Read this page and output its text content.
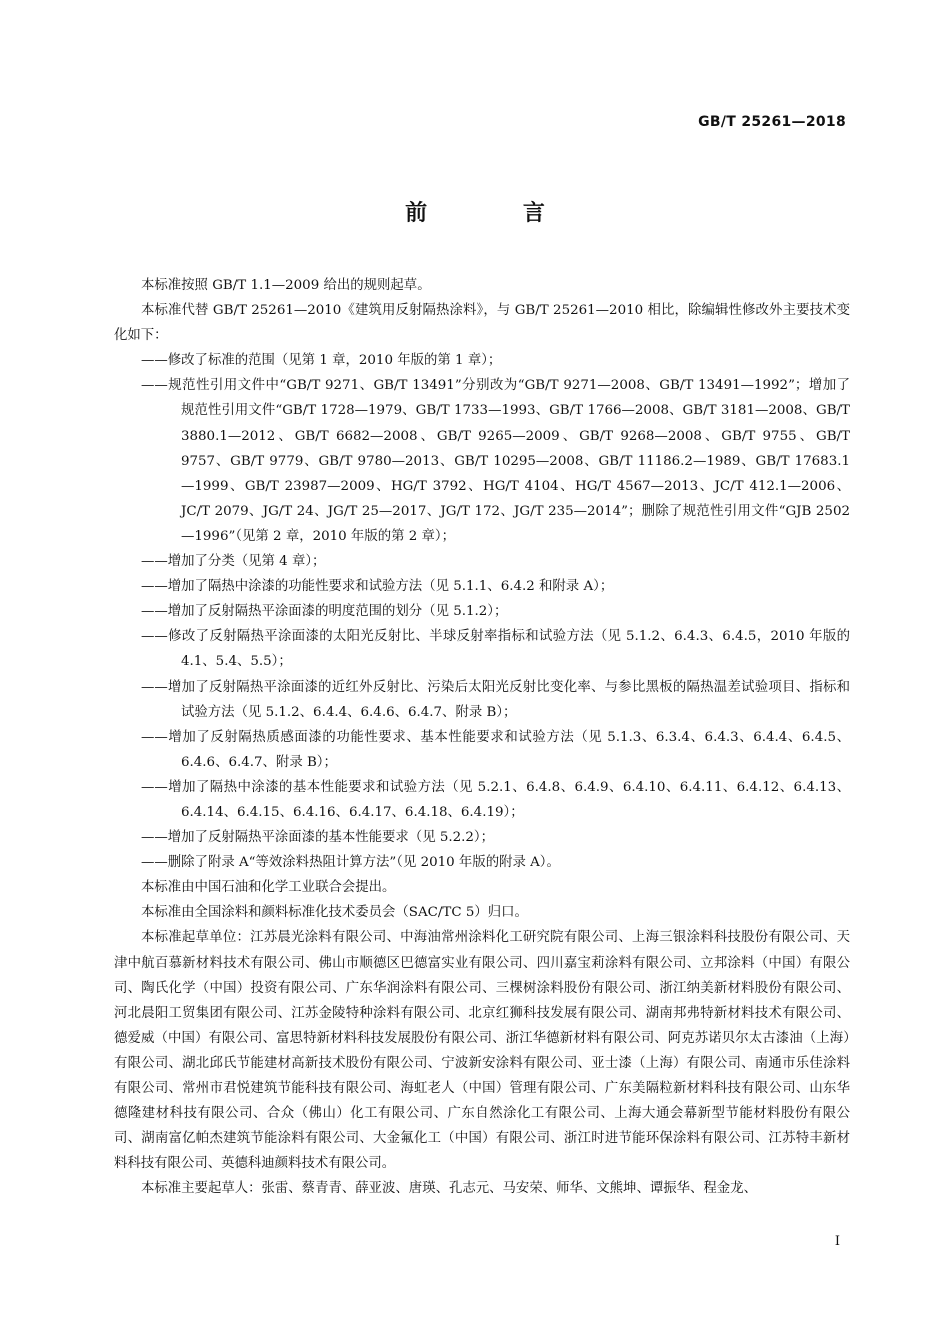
GB/T 25261—2018
前 言

本标准按照 GB/T 1.1—2009 给出的规则起草。

本标准代替 GB/T 25261—2010《建筑用反射隔热涂料》，与 GB/T 25261—2010 相比，除编辑性修改外主要技术变化如下：

——修改了标准的范围（见第 1 章，2010 年版的第 1 章）；

——规范性引用文件中“GB/T 9271、GB/T 13491”分别改为“GB/T 9271—2008、GB/T 13491—1992”；增加了规范性引用文件“GB/T 1728—1979、GB/T 1733—1993、GB/T 1766—2008、GB/T 3181—2008、GB/T 3880.1—2012、GB/T 6682—2008、GB/T 9265—2009、GB/T 9268—2008、GB/T 9755、GB/T 9757、GB/T 9779、GB/T 9780—2013、GB/T 10295—2008、GB/T 11186.2—1989、GB/T 17683.1—1999、GB/T 23987—2009、HG/T 3792、HG/T 4104、HG/T 4567—2013、JC/T 412.1—2006、JC/T 2079、JG/T 24、JG/T 25—2017、JG/T 172、JG/T 235—2014”；删除了规范性引用文件“GJB 2502—1996”（见第 2 章，2010 年版的第 2 章）；

——增加了分类（见第 4 章）；

——增加了隔热中涂漆的功能性要求和试验方法（见 5.1.1、6.4.2 和附录 A）；

——增加了反射隔热平涂面漆的明度范围的划分（见 5.1.2）；

——修改了反射隔热平涂面漆的太阳光反射比、半球反射率指标和试验方法（见 5.1.2、6.4.3、6.4.5，2010 年版的 4.1、5.4、5.5）；

——增加了反射隔热平涂面漆的近红外反射比、污染后太阳光反射比变化率、与参比黑板的隔热温差试验项目、指标和试验方法（见 5.1.2、6.4.4、6.4.6、6.4.7、附录 B）；

——增加了反射隔热质感面漆的功能性要求、基本性能要求和试验方法（见 5.1.3、6.3.4、6.4.3、6.4.4、6.4.5、6.4.6、6.4.7、附录 B）；

——增加了隔热中涂漆的基本性能要求和试验方法（见 5.2.1、6.4.8、6.4.9、6.4.10、6.4.11、6.4.12、6.4.13、6.4.14、6.4.15、6.4.16、6.4.17、6.4.18、6.4.19）；

——增加了反射隔热平涂面漆的基本性能要求（见 5.2.2）；

——删除了附录 A“等效涂料热阻计算方法”（见 2010 年版的附录 A）。

本标准由中国石油和化学工业联合会提出。

本标准由全国涂料和颜料标准化技术委员会（SAC/TC 5）归口。

本标准起草单位：江苏晨光涂料有限公司、中海油常州涂料化工研究院有限公司、上海三银涂料科技股份有限公司、天津中航百慕新材料技术有限公司、佛山市顺德区巴德富实业有限公司、四川嘉宝莉涂料有限公司、立邦涂料（中国）有限公司、陶氏化学（中国）投资有限公司、广东华润涂料有限公司、三棵树涂料股份有限公司、浙江纳美新材料股份有限公司、河北晨阳工贸集团有限公司、江苏金陵特种涂料有限公司、北京红狮科技发展有限公司、湖南邦弗特新材料技术有限公司、德爱威（中国）有限公司、富思特新材料科技发展股份有限公司、浙江华德新材料有限公司、阿克苏诺贝尔太古漆油（上海）有限公司、湖北邱氏节能建材高新技术股份有限公司、宁波新安涂料有限公司、亚士漆（上海）有限公司、南通市乐佳涂料有限公司、常州市君悦建筑节能科技有限公司、海虹老人（中国）管理有限公司、广东美隔粒新材料科技有限公司、山东华德隆建材科技有限公司、合众（佛山）化工有限公司、广东自然涂化工有限公司、上海大通会幕新型节能材料股份有限公司、湖南富亿帕杰建筑节能涂料有限公司、大金氟化工（中国）有限公司、浙江时进节能环保涂料有限公司、江苏特丰新材料科技有限公司、英德科迪颜料技术有限公司。

本标准主要起草人：张雷、蔡青青、薛亚波、唐瑛、孔志元、马安荣、师华、文熊坤、谭振华、程金龙、

I
